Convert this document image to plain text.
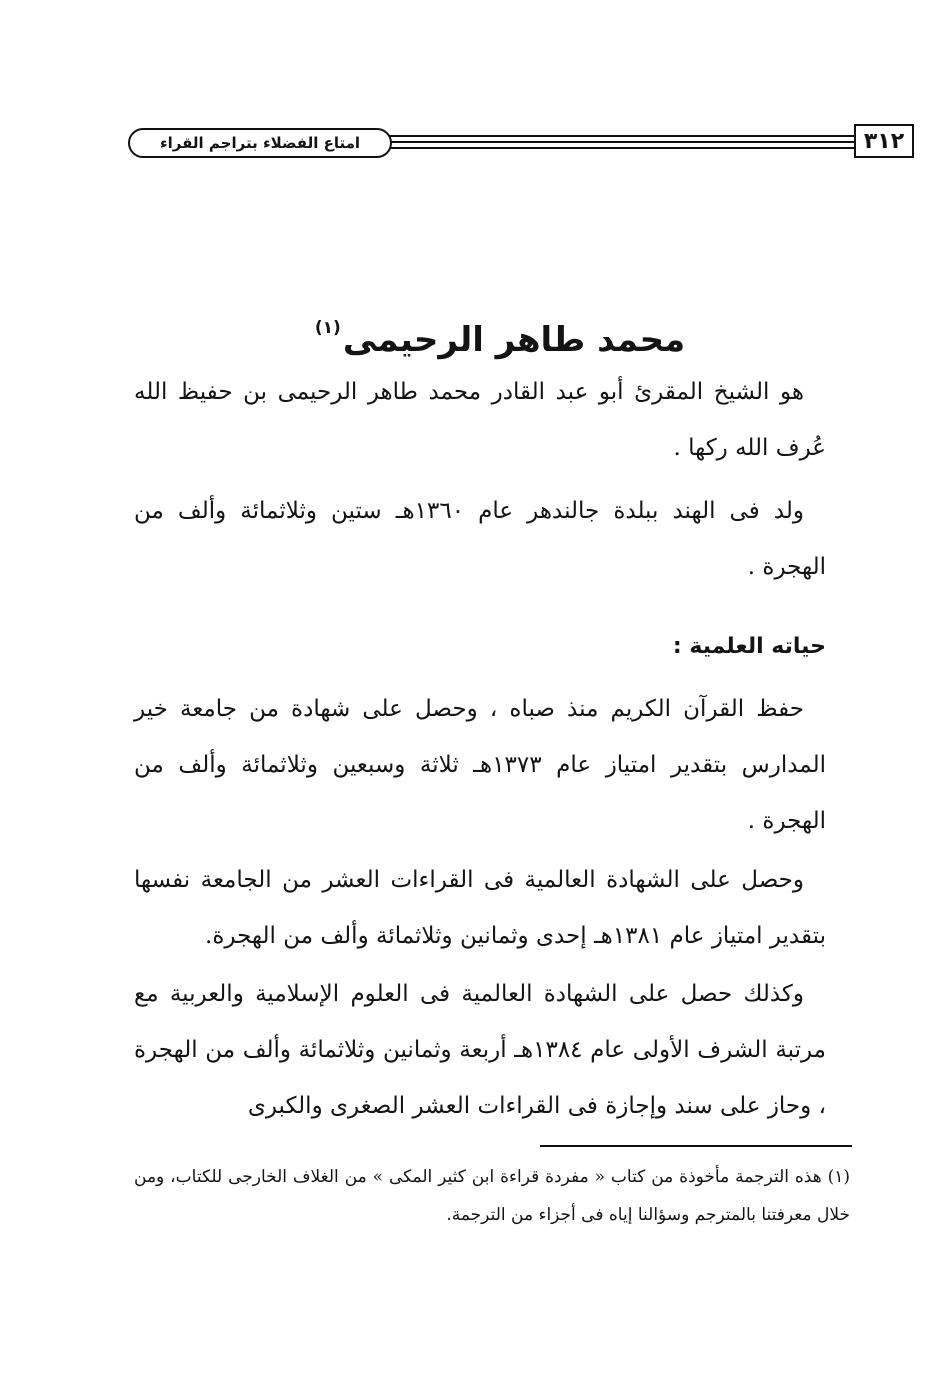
٣١٢
امتاع الفضلاء بتراجم القراء
محمد طاهر الرحيمى$^{(١)}$

هو الشيخ المقرئ أبو عبد القادر محمد طاهر الرحيمى بن حفيظ الله عُرف الله ركها .

ولد فى الهند ببلدة جالندهر عام ١٣٦٠هـ ستين وثلاثمائة وألف من الهجرة .

حياته العلمية :

حفظ القرآن الكريم منذ صباه ، وحصل على شهادة من جامعة خير المدارس بتقدير امتياز عام ١٣٧٣هـ ثلاثة وسبعين وثلاثمائة وألف من الهجرة .

وحصل على الشهادة العالمية فى القراءات العشر من الجامعة نفسها بتقدير امتياز عام ١٣٨١هـ إحدى وثمانين وثلاثمائة وألف من الهجرة.

وكذلك حصل على الشهادة العالمية فى العلوم الإسلامية والعربية مع مرتبة الشرف الأولى عام ١٣٨٤هـ أربعة وثمانين وثلاثمائة وألف من الهجرة ، وحاز على سند وإجازة فى القراءات العشر الصغرى والكبرى

(١) هذه الترجمة مأخوذة من كتاب « مفردة قراءة ابن كثير المكى » من الغلاف الخارجى للكتاب، ومن خلال معرفتنا بالمترجم وسؤالنا إياه فى أجزاء من الترجمة.
